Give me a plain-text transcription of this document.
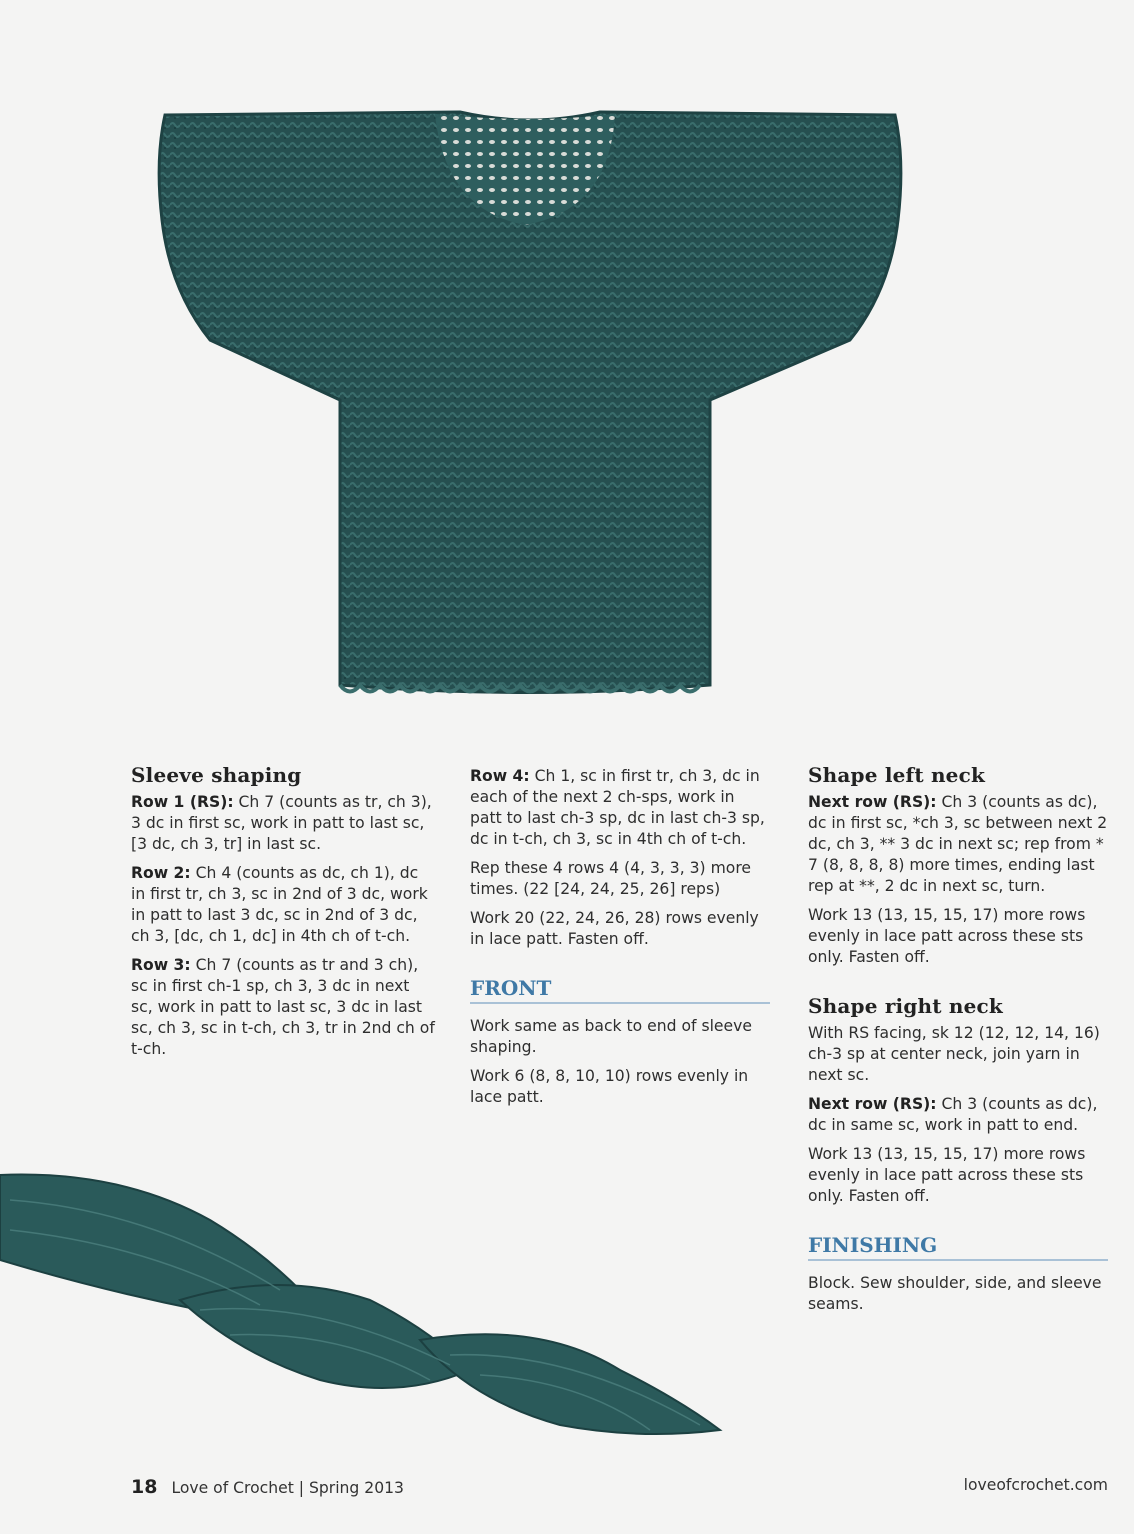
Sleeve shaping

Row 1 (RS): Ch 7 (counts as tr, ch 3), 3 dc in first sc, work in patt to last sc, [3 dc, ch 3, tr] in last sc.

Row 2: Ch 4 (counts as dc, ch 1), dc in first tr, ch 3, sc in 2nd of 3 dc, work in patt to last 3 dc, sc in 2nd of 3 dc, ch 3, [dc, ch 1, dc] in 4th ch of t-ch.

Row 3: Ch 7 (counts as tr and 3 ch), sc in first ch-1 sp, ch 3, 3 dc in next sc, work in patt to last sc, 3 dc in last sc, ch 3, sc in t-ch, ch 3, tr in 2nd ch of t-ch.

Row 4: Ch 1, sc in first tr, ch 3, dc in each of the next 2 ch-sps, work in patt to last ch-3 sp, dc in last ch-3 sp, dc in t-ch, ch 3, sc in 4th ch of t-ch.

Rep these 4 rows 4 (4, 3, 3, 3) more times. (22 [24, 24, 25, 26] reps)

Work 20 (22, 24, 26, 28) rows evenly in lace patt. Fasten off.

FRONT

Work same as back to end of sleeve shaping.

Work 6 (8, 8, 10, 10) rows evenly in lace patt.

Shape left neck

Next row (RS): Ch 3 (counts as dc), dc in first sc, *ch 3, sc between next 2 dc, ch 3, ** 3 dc in next sc; rep from * 7 (8, 8, 8, 8) more times, ending last rep at **, 2 dc in next sc, turn.

Work 13 (13, 15, 15, 17) more rows evenly in lace patt across these sts only. Fasten off.

Shape right neck

With RS facing, sk 12 (12, 12, 14, 16) ch-3 sp at center neck, join yarn in next sc.

Next row (RS): Ch 3 (counts as dc), dc in same sc, work in patt to end.

Work 13 (13, 15, 15, 17) more rows evenly in lace patt across these sts only. Fasten off.

FINISHING

Block. Sew shoulder, side, and sleeve seams.

18 Love of Crochet | Spring 2013	loveofcrochet.com
